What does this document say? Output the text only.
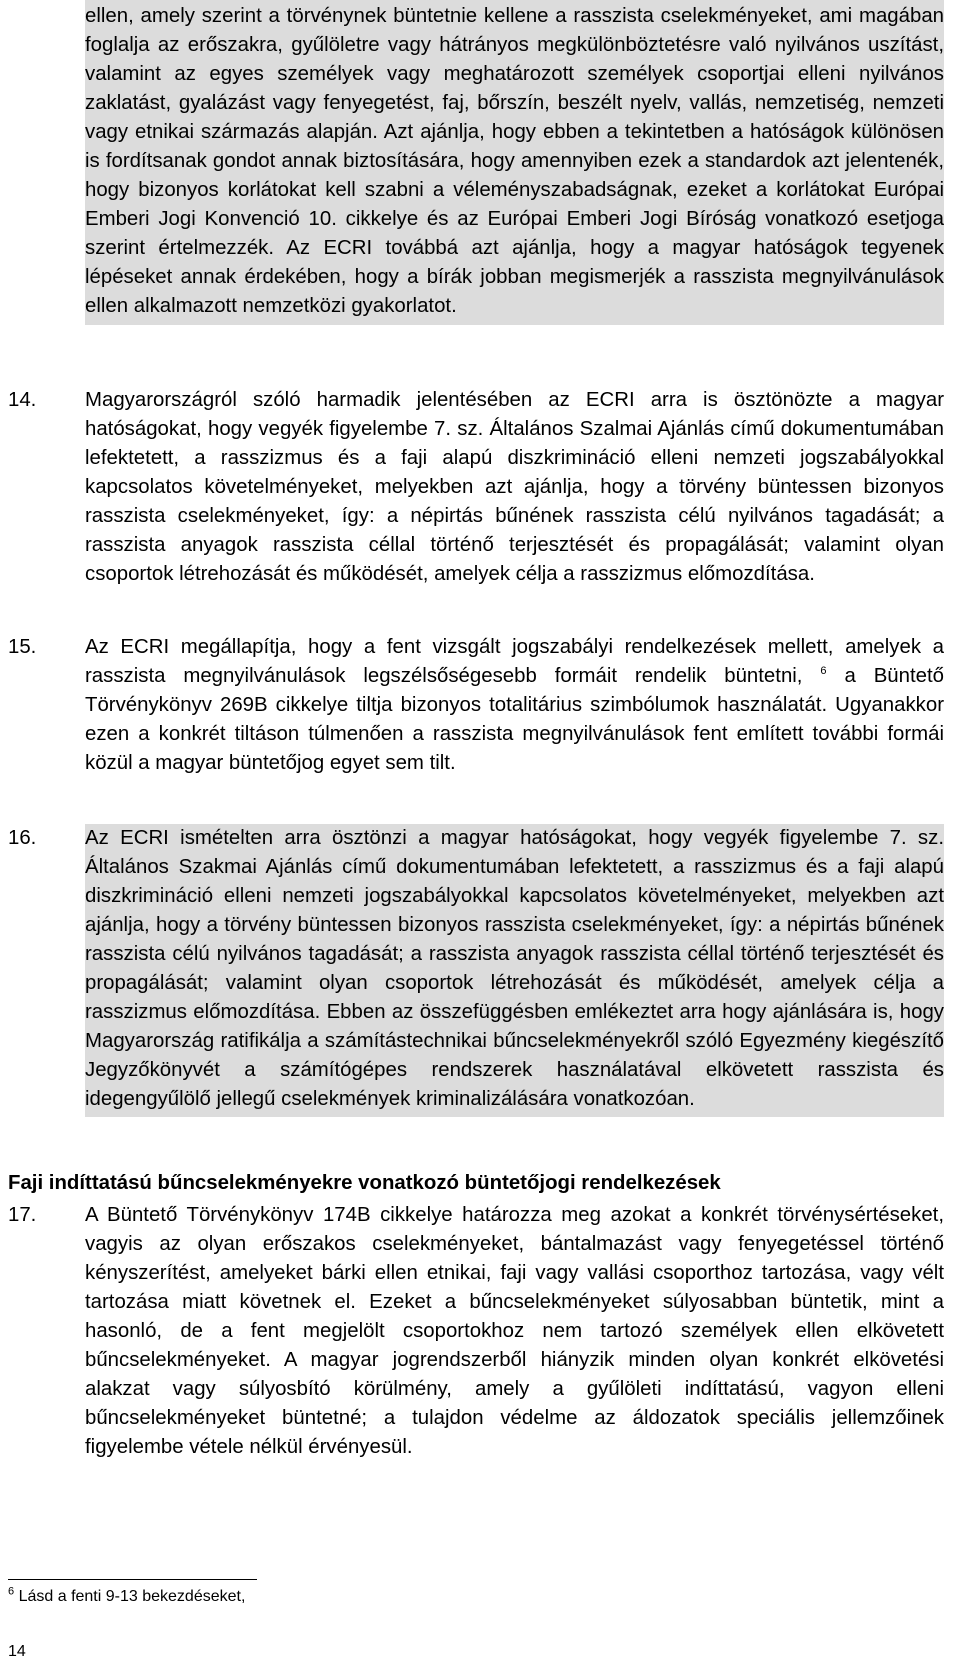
ellen, amely szerint a törvénynek büntetnie kellene a rasszista cselekményeket, ami magában foglalja az erőszakra, gyűlöletre vagy hátrányos megkülönböztetésre való nyilvános uszítást, valamint az egyes személyek vagy meghatározott személyek csoportjai elleni nyilvános zaklatást, gyalázást vagy fenyegetést, faj, bőrszín, beszélt nyelv, vallás, nemzetiség, nemzeti vagy etnikai származás alapján. Azt ajánlja, hogy ebben a tekintetben a hatóságok különösen is fordítsanak gondot annak biztosítására, hogy amennyiben ezek a standardok azt jelentenék, hogy bizonyos korlátokat kell szabni a véleményszabadságnak, ezeket a korlátokat Európai Emberi Jogi Konvenció 10. cikkelye és az Európai Emberi Jogi Bíróság vonatkozó esetjoga szerint értelmezzék. Az ECRI továbbá azt ajánlja, hogy a magyar hatóságok tegyenek lépéseket annak érdekében, hogy a bírák jobban megismerjék a rasszista megnyilvánulások ellen alkalmazott nemzetközi gyakorlatot.
14. Magyarországról szóló harmadik jelentésében az ECRI arra is ösztönözte a magyar hatóságokat, hogy vegyék figyelembe 7. sz. Általános Szalmai Ajánlás című dokumentumában lefektetett, a rasszizmus és a faji alapú diszkrimináció elleni nemzeti jogszabályokkal kapcsolatos követelményeket, melyekben azt ajánlja, hogy a törvény büntessen bizonyos rasszista cselekményeket, így: a népirtás bűnének rasszista célú nyilvános tagadását; a rasszista anyagok rasszista céllal történő terjesztését és propagálását; valamint olyan csoportok létrehozását és működését, amelyek célja a rasszizmus előmozdítása.

15. Az ECRI megállapítja, hogy a fent vizsgált jogszabályi rendelkezések mellett, amelyek a rasszista megnyilvánulások legszélsőségesebb formáit rendelik büntetni, $^6$ a Büntető Törvénykönyv 269B cikkelye tiltja bizonyos totalitárius szimbólumok használatát. Ugyanakkor ezen a konkrét tiltáson túlmenően a rasszista megnyilvánulások fent említett további formái közül a magyar büntetőjog egyet sem tilt.

16. Az ECRI ismételten arra ösztönzi a magyar hatóságokat, hogy vegyék figyelembe 7. sz. Általános Szakmai Ajánlás című dokumentumában lefektetett, a rasszizmus és a faji alapú diszkrimináció elleni nemzeti jogszabályokkal kapcsolatos követelményeket, melyekben azt ajánlja, hogy a törvény büntessen bizonyos rasszista cselekményeket, így: a népirtás bűnének rasszista célú nyilvános tagadását; a rasszista anyagok rasszista céllal történő terjesztését és propagálását; valamint olyan csoportok létrehozását és működését, amelyek célja a rasszizmus előmozdítása. Ebben az összefüggésben emlékeztet arra hogy ajánlására is, hogy Magyarország ratifikálja a számítástechnikai bűncselekményekről szóló Egyezmény kiegészítő Jegyzőkönyvét a számítógépes rendszerek használatával elkövetett rasszista és idegengyűlölő jellegű cselekmények kriminalizálására vonatkozóan.

Faji indíttatású bűncselekményekre vonatkozó büntetőjogi rendelkezések
17. A Büntető Törvénykönyv 174B cikkelye határozza meg azokat a konkrét törvénysértéseket, vagyis az olyan erőszakos cselekményeket, bántalmazást vagy fenyegetéssel történő kényszerítést, amelyeket bárki ellen etnikai, faji vagy vallási csoporthoz tartozása, vagy vélt tartozása miatt követnek el. Ezeket a bűncselekményeket súlyosabban büntetik, mint a hasonló, de a fent megjelölt csoportokhoz nem tartozó személyek ellen elkövetett bűncselekményeket. A magyar jogrendszerből hiányzik minden olyan konkrét elkövetési alakzat vagy súlyosbító körülmény, amely a gyűlöleti indíttatású, vagyon elleni bűncselekményeket büntetné; a tulajdon védelme az áldozatok speciális jellemzőinek figyelembe vétele nélkül érvényesül.

$^6$ Lásd a fenti 9-13 bekezdéseket,
14
